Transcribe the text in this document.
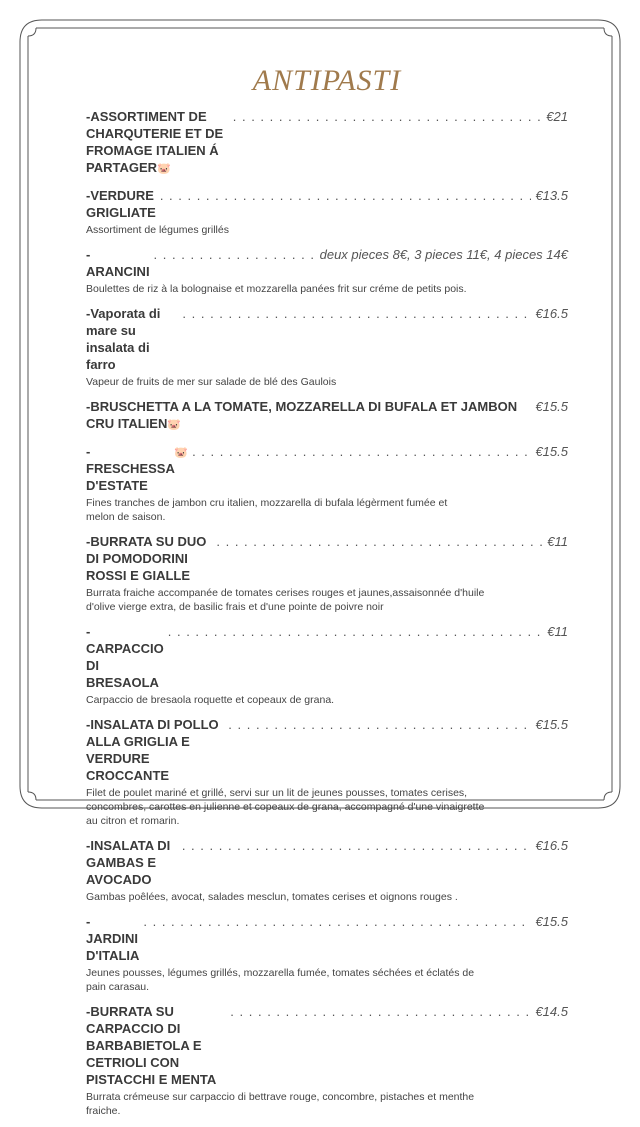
ANTIPASTI
-ASSORTIMENT DE CHARQUTERIE ET DE FROMAGE ITALIEN Á
. . .
€21
PARTAGER 🐷
-VERDURE GRIGLIATE
. . .
€13.5
Assortiment de légumes grillés
-ARANCINI
. . .
deux pieces 8€, 3 pieces 11€, 4 pieces 14€
Boulettes de riz à la bolognaise et mozzarella panées frit sur créme de petits pois.
-Vaporata di mare su insalata di farro
. . .
€16.5
Vapeur de fruits de mer sur salade de blé des Gaulois
-BRUSCHETTA A LA TOMATE, MOZZARELLA DI BUFALA ET JAMBON €15.5
CRU ITALIEN 🐷
-FRESCHESSA D'ESTATE
🐷
. . .	€15.5
Fines tranches de jambon cru italien, mozzarella di bufala légèrment fumée et
melon de saison.
-BURRATA SU DUO DI POMODORINI ROSSI E GIALLE
. . .
€11
Burrata fraiche accompanée de tomates cerises rouges et jaunes,assaisonnée d'huile
d'olive vierge extra, de basilic frais et d'une pointe de poivre noir
-CARPACCIO DI BRESAOLA
. . .
€11
Carpaccio de bresaola roquette et copeaux de grana.
-INSALATA DI POLLO ALLA GRIGLIA E VERDURE CROCCANTE
. . .
€15.5
Filet de poulet mariné et grillé, servi sur un lit de jeunes pousses, tomates cerises,
concombres, carottes en julienne et copeaux de grana, accompagné d'une vinaigrette
au citron et romarin.
-INSALATA DI GAMBAS E AVOCADO
. . .
€16.5
Gambas poêlées, avocat, salades mesclun, tomates cerises et oignons rouges .
-JARDINI D'ITALIA
. . .
€15.5
Jeunes pousses, légumes grillés, mozzarella fumée, tomates séchées et éclatés de
pain carasau.
-BURRATA SU CARPACCIO DI BARBABIETOLA E CETRIOLI CON
. . .
€14.5
PISTACCHI E MENTA
Burrata crémeuse sur carpaccio di bettrave rouge, concombre, pistaches et menthe
fraiche.
